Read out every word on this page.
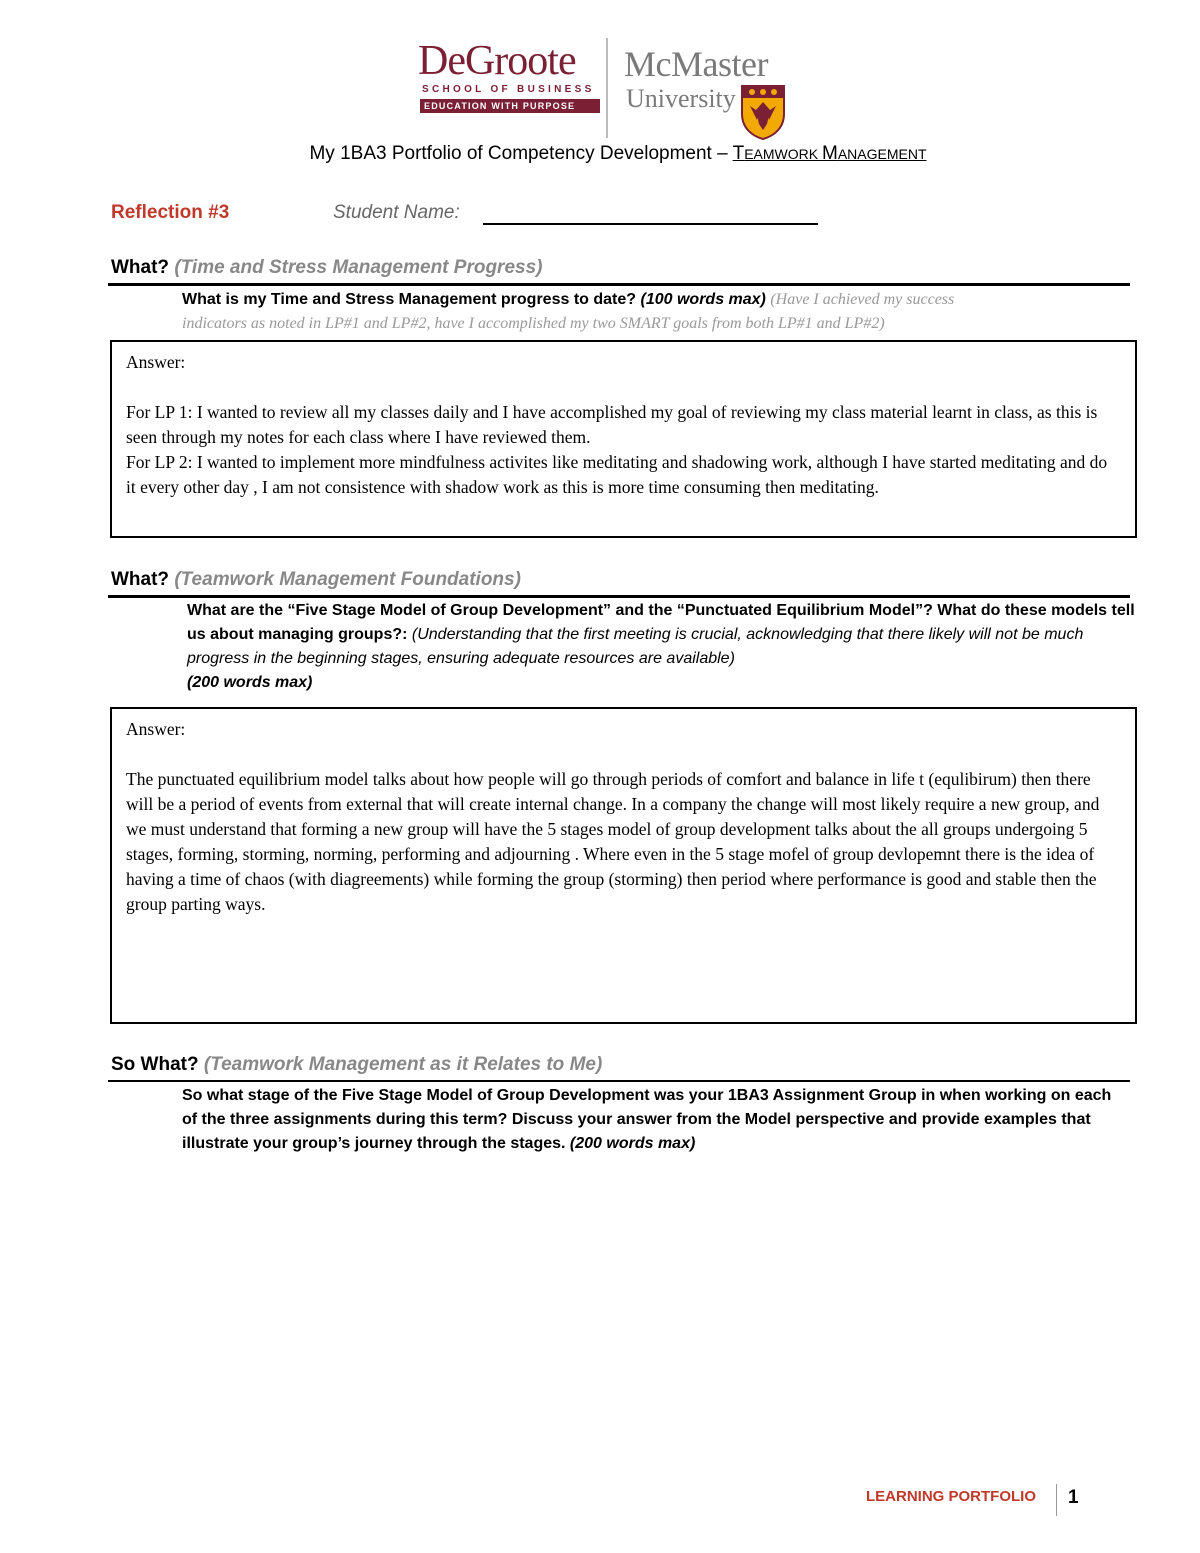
DeGroote
SCHOOL OF BUSINESS
EDUCATION WITH PURPOSE
McMaster
University
My 1BA3 Portfolio of Competency Development – TEAMWORK MANAGEMENT
Reflection #3	Student Name:
What? (Time and Stress Management Progress)
What is my Time and Stress Management progress to date? (100 words max) (Have I achieved my success
indicators as noted in LP#1 and LP#2, have I accomplished my two SMART goals from both LP#1 and LP#2)

Answer:

For LP 1: I wanted to review all my classes daily and I have accomplished my goal of reviewing my class material learnt in class, as this is seen through my notes for each class where I have reviewed them.

For LP 2: I wanted to implement more mindfulness activites like meditating and shadowing work, although I have started meditating and do it every other day , I am not consistence with shadow work as this is more time consuming then meditating.

What? (Teamwork Management Foundations)
What are the “Five Stage Model of Group Development” and the “Punctuated Equilibrium Model”? What do these models tell us about managing groups?: (Understanding that the first meeting is crucial, acknowledging that there likely will not be much progress in the beginning stages, ensuring adequate resources are available)
(200 words max)

Answer:

The punctuated equilibrium model talks about how people will go through periods of comfort and balance in life t (equlibirum) then there will be a period of events from external that will create internal change. In a company the change will most likely require a new group, and we must understand that forming a new group will have the 5 stages model of group development talks about the all groups undergoing 5 stages, forming, storming, norming, performing and adjourning . Where even in the 5 stage mofel of group devlopemnt there is the idea of having a time of chaos (with diagreements) while forming the group (storming) then period where performance is good and stable then the group parting ways.

So What? (Teamwork Management as it Relates to Me)
So what stage of the Five Stage Model of Group Development was your 1BA3 Assignment Group in when working on each of the three assignments during this term? Discuss your answer from the Model perspective and provide examples that illustrate your group’s journey through the stages. (200 words max)
LEARNING PORTFOLIO 1
